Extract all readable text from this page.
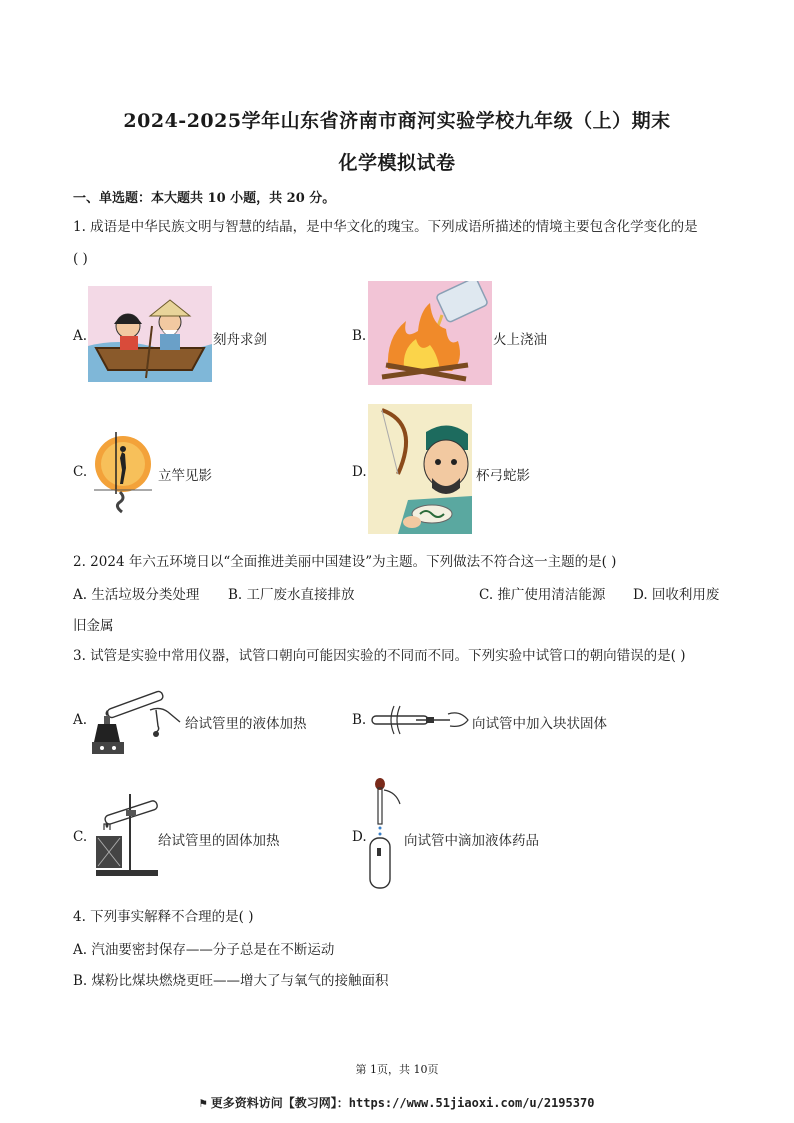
2024-2025学年山东省济南市商河实验学校九年级（上）期末
化学模拟试卷
一、单选题：本大题共 10 小题，共 20 分。
1. 成语是中华民族文明与智慧的结晶，是中华文化的瑰宝。下列成语所描述的情境主要包含化学变化的是
( )
A.	刻舟求剑	B.	火上浇油
C.	立竿见影	D.	杯弓蛇影
2. 2024 年六五环境日以“全面推进美丽中国建设”为主题。下列做法不符合这一主题的是( )
A. 生活垃圾分类处理 B. 工厂废水直接排放	C. 推广使用清洁能源 D. 回收利用废
旧金属
3. 试管是实验中常用仪器，试管口朝向可能因实验的不同而不同。下列实验中试管口的朝向错误的是( )
A.	给试管里的液体加热	B.	向试管中加入块状固体
C.	给试管里的固体加热	D.	向试管中滴加液体药品
4. 下列事实解释不合理的是( )
A. 汽油要密封保存——分子总是在不断运动
B. 煤粉比煤块燃烧更旺——增大了与氧气的接触面积
第 1页，共 10页
⚑ 更多资料访问【教习网】：https://www.51jiaoxi.com/u/2195370
